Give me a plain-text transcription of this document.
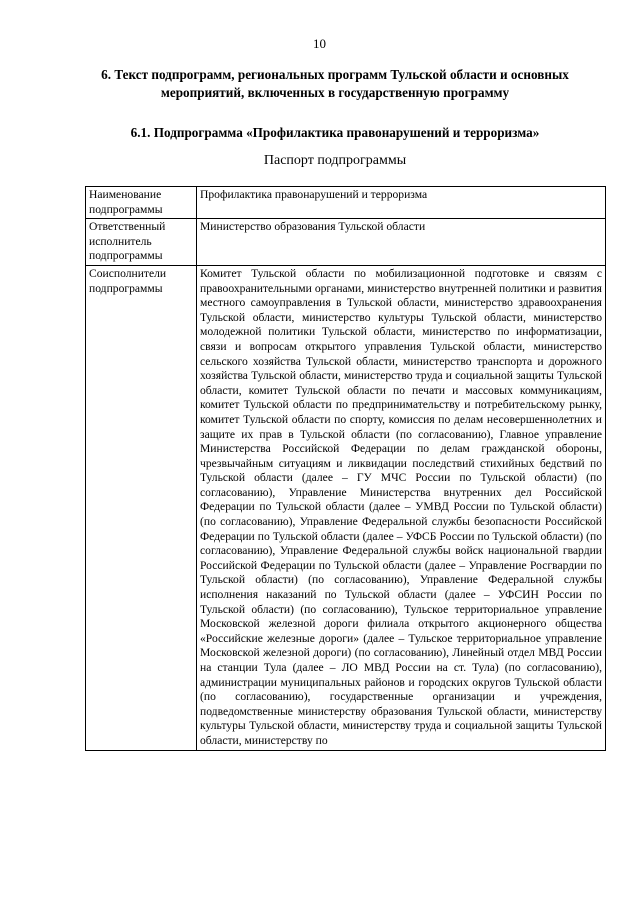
10
6. Текст подпрограмм, региональных программ Тульской области и основных мероприятий, включенных в государственную программу
6.1. Подпрограмма «Профилактика правонарушений и терроризма»
Паспорт подпрограммы
Наименование подпрограммы	Профилактика правонарушений и терроризма
Ответственный исполнитель подпрограммы	Министерство образования Тульской области
Соисполнители подпрограммы	Комитет Тульской области по мобилизационной подготовке и связям с правоохранительными органами, министерство внутренней политики и развития местного самоуправления в Тульской области, министерство здравоохранения Тульской области, министерство культуры Тульской области, министерство молодежной политики Тульской области, министерство по информатизации, связи и вопросам открытого управления Тульской области, министерство сельского хозяйства Тульской области, министерство транспорта и дорожного хозяйства Тульской области, министерство труда и социальной защиты Тульской области, комитет Тульской области по печати и массовых коммуникациям, комитет Тульской области по предпринимательству и потребительскому рынку, комитет Тульской области по спорту, комиссия по делам несовершеннолетних и защите их прав в Тульской области (по согласованию), Главное управление Министерства Российской Федерации по делам гражданской обороны, чрезвычайным ситуациям и ликвидации последствий стихийных бедствий по Тульской области (далее – ГУ МЧС России по Тульской области) (по согласованию), Управление Министерства внутренних дел Российской Федерации по Тульской области (далее – УМВД России по Тульской области) (по согласованию), Управление Федеральной службы безопасности Российской Федерации по Тульской области (далее – УФСБ России по Тульской области) (по согласованию), Управление Федеральной службы войск национальной гвардии Российской Федерации по Тульской области (далее – Управление Росгвардии по Тульской области) (по согласованию), Управление Федеральной службы исполнения наказаний по Тульской области (далее – УФСИН России по Тульской области) (по согласованию), Тульское территориальное управление Московской железной дороги филиала открытого акционерного общества «Российские железные дороги» (далее – Тульское территориальное управление Московской железной дороги) (по согласованию), Линейный отдел МВД России на станции Тула (далее – ЛО МВД России на ст. Тула) (по согласованию), администрации муниципальных районов и городских округов Тульской области (по согласованию), государственные организации и учреждения, подведомственные министерству образования Тульской области, министерству культуры Тульской области, министерству труда и социальной защиты Тульской области, министерству по
